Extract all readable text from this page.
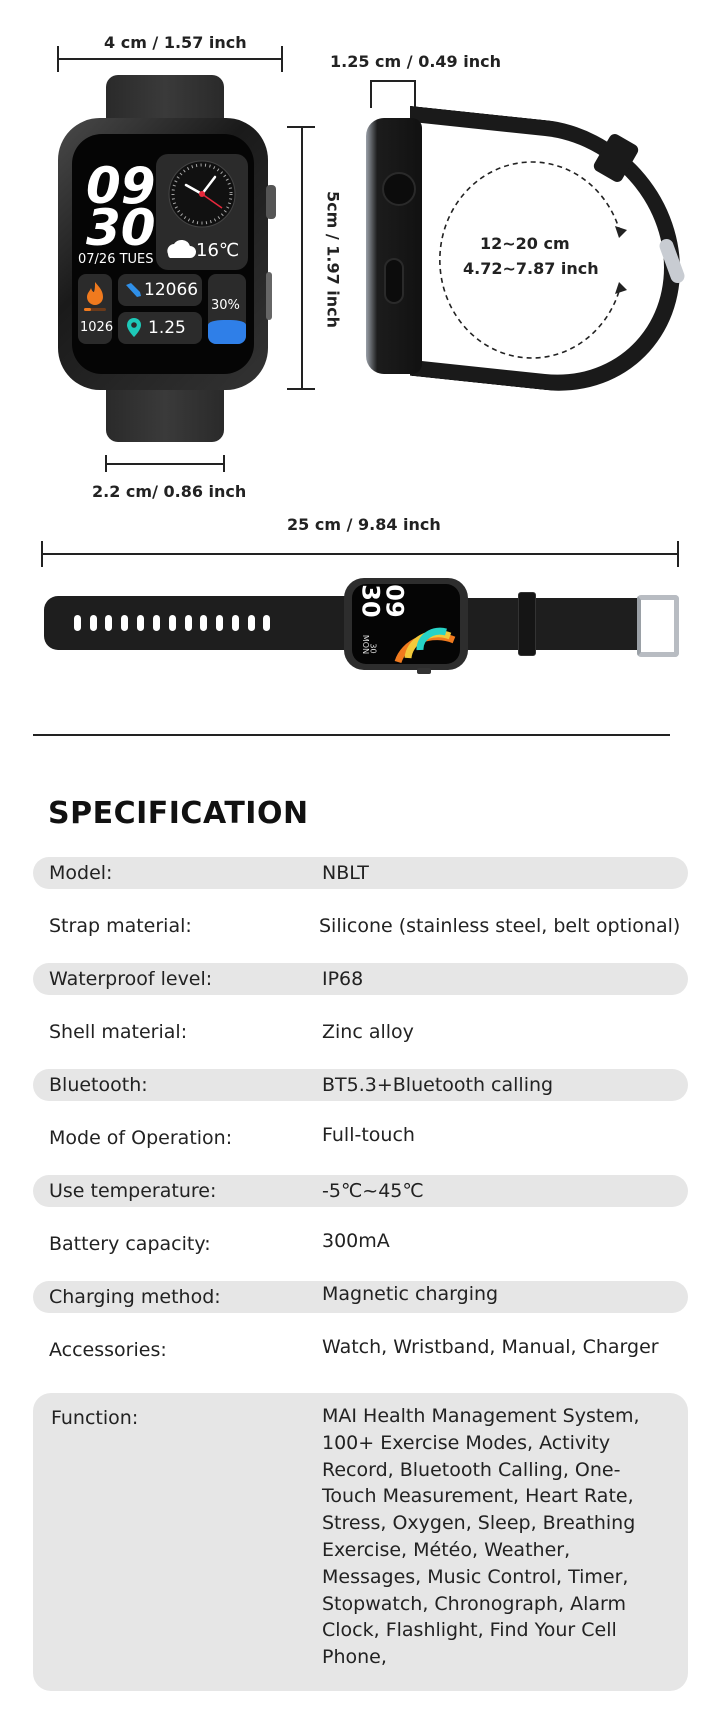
4 cm / 1.57 inch
09
30
07/26 TUES 16℃
1026
12066
1.25
30%	5cm / 1.97 inch
2.2 cm/ 0.86 inch
1.25 cm / 0.49 inch
12~20 cm
4.72~7.87 inch
25 cm / 9.84 inch
09
30
MON
30
SPECIFICATION
Model:	NBLT
Strap material:	Silicone (stainless steel, belt optional)
Waterproof level:	IP68
Shell material:	Zinc alloy
Bluetooth:	BT5.3+Bluetooth calling
Mode of Operation:	Full-touch
Use temperature:	-5℃~45℃
Battery capacity:	300mA
Charging method:	Magnetic charging
Accessories:	Watch, Wristband, Manual, Charger
Function:	MAI Health Management System, 100+ Exercise Modes, Activity Record, Bluetooth Calling, One-Touch Measurement, Heart Rate, Stress, Oxygen, Sleep, Breathing Exercise, Météo, Weather, Messages, Music Control, Timer, Stopwatch, Chronograph, Alarm Clock, Flashlight, Find Your Cell Phone,
